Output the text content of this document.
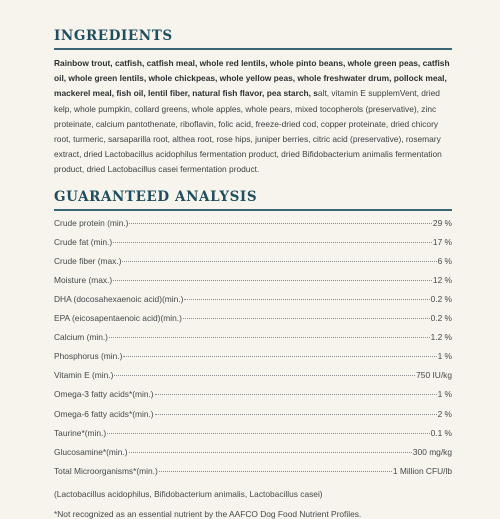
INGREDIENTS

Rainbow trout, catfish, catfish meal, whole red lentils, whole pinto beans, whole green peas, catfish oil, whole green lentils, whole chickpeas, whole yellow peas, whole freshwater drum, pollock meal, mackerel meal, fish oil, lentil fiber, natural fish flavor, pea starch, salt, vitamin E supplemVent, dried kelp, whole pumpkin, collard greens, whole apples, whole pears, mixed tocopherols (preservative), zinc proteinate, calcium pantothenate, riboflavin, folic acid, freeze-dried cod, copper proteinate, dried chicory root, turmeric, sarsaparilla root, althea root, rose hips, juniper berries, citric acid (preservative), rosemary extract, dried Lactobacillus acidophilus fermentation product, dried Bifidobacterium animalis fermentation product, dried Lactobacillus casei fermentation product.

GUARANTEED ANALYSIS
Crude protein (min.)	29 %
Crude fat (min.)	17 %
Crude fiber (max.)	6 %
Moisture (max.)	12 %
DHA (docosahexaenoic acid)(min.)	0.2 %
EPA (eicosapentaenoic acid)(min.)	0.2 %
Calcium (min.)	1.2 %
Phosphorus (min.)	1 %
Vitamin E (min.)	750 IU/kg
Omega-3 fatty acids*(min.)	1 %
Omega-6 fatty acids*(min.)	2 %
Taurine*(min.)	0.1 %
Glucosamine*(min.)	300 mg/kg
Total Microorganisms*(min.)	1 Million CFU/lb

(Lactobacillus acidophilus, Bifidobacterium animalis, Lactobacillus casei)

*Not recognized as an essential nutrient by the AAFCO Dog Food Nutrient Profiles.
